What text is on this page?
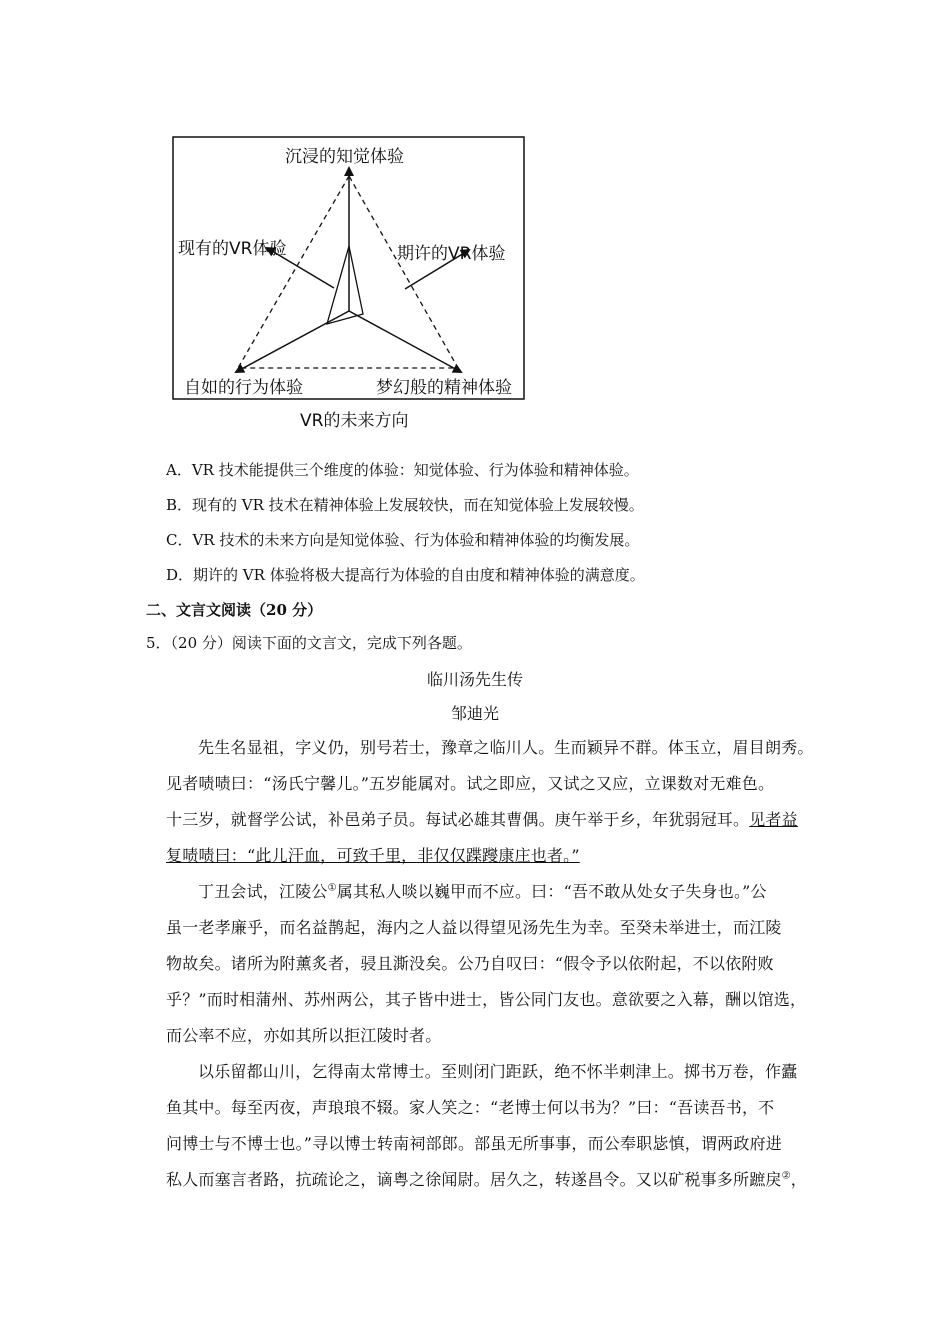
沉浸的知觉体验
现有的VR体验	期许的VR体验
自如的行为体验	梦幻般的精神体验
VR的未来方向
A．VR 技术能提供三个维度的体验：知觉体验、行为体验和精神体验。
B．现有的 VR 技术在精神体验上发展较快，而在知觉体验上发展较慢。
C．VR 技术的未来方向是知觉体验、行为体验和精神体验的均衡发展。
D．期许的 VR 体验将极大提高行为体验的自由度和精神体验的满意度。
二、文言文阅读（20 分）
5．（20 分）阅读下面的文言文，完成下列各题。
临川汤先生传
邹迪光
先生名显祖，字义仍，别号若士，豫章之临川人。生而颖异不群。体玉立，眉目朗秀。
见者啧啧曰：“汤氏宁馨儿。”五岁能属对。试之即应，又试之又应，立课数对无难色。
十三岁，就督学公试，补邑弟子员。每试必雄其曹偶。庚午举于乡，年犹弱冠耳。见者益
复啧啧曰：“此儿汗血，可致千里，非仅仅蹀躞康庄也者。”
丁丑会试，江陵公①属其私人啖以巍甲而不应。曰：“吾不敢从处女子失身也。”公
虽一老孝廉乎，而名益鹊起，海内之人益以得望见汤先生为幸。至癸未举进士，而江陵
物故矣。诸所为附薰炙者，骎且澌没矣。公乃自叹曰：“假令予以依附起，不以依附败
乎？”而时相蒲州、苏州两公，其子皆中进士，皆公同门友也。意欲要之入幕，酬以馆选，
而公率不应，亦如其所以拒江陵时者。
以乐留都山川，乞得南太常博士。至则闭门距跃，绝不怀半刺津上。掷书万卷，作蠹
鱼其中。每至丙夜，声琅琅不辍。家人笑之：“老博士何以书为？”曰：“吾读吾书，不
问博士与不博士也。”寻以博士转南祠部郎。部虽无所事事，而公奉职毖慎，谓两政府进
私人而塞言者路，抗疏论之，谪粤之徐闻尉。居久之，转遂昌令。又以矿税事多所蹠戾②，
